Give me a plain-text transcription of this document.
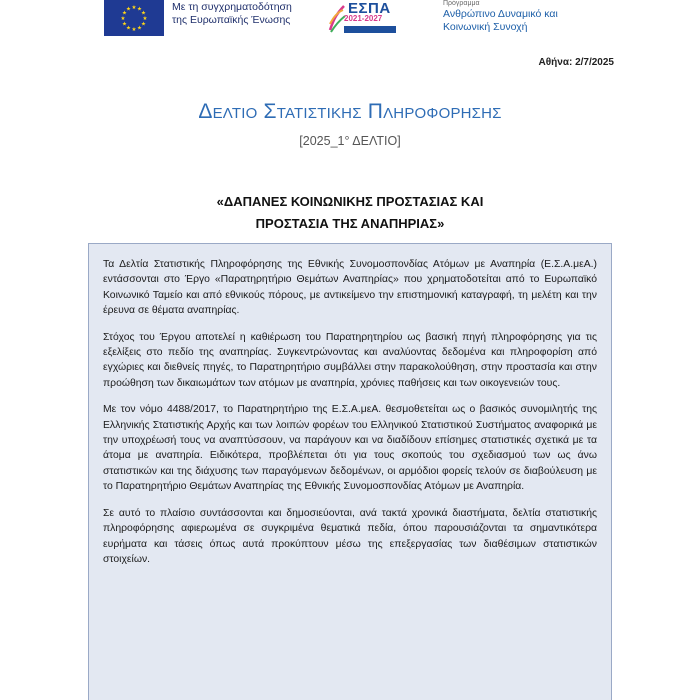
★ ★
★
★
★
★
★
★
★
★
★
★	Με τη συγχρηματοδότηση
της Ευρωπαϊκής Ένωσης
ΕΣΠΑ
2021-2027
Πρόγραμμα
Ανθρώπινο Δυναμικό και
Κοινωνική Συνοχή
Αθήνα: 2/7/2025
Δελτιο Στατιστικης Πληροφορησης
[2025_1° ΔΕΛΤΙΟ]
«ΔΑΠΑΝΕΣ ΚΟΙΝΩΝΙΚΗΣ ΠΡΟΣΤΑΣΙΑΣ ΚΑΙ
ΠΡΟΣΤΑΣΙΑ ΤΗΣ ΑΝΑΠΗΡΙΑΣ»

Τα Δελτία Στατιστικής Πληροφόρησης της Εθνικής Συνομοσπονδίας Ατόμων με Αναπηρία (Ε.Σ.Α.μεΑ.) εντάσσονται στο Έργο «Παρατηρητήριο Θεμάτων Αναπηρίας» που χρηματοδοτείται από το Ευρωπαϊκό Κοινωνικό Ταμείο και από εθνικούς πόρους, με αντικείμενο την επιστημονική καταγραφή, τη μελέτη και την έρευνα σε θέματα αναπηρίας.

Στόχος του Έργου αποτελεί η καθιέρωση του Παρατηρητηρίου ως βασική πηγή πληροφόρησης για τις εξελίξεις στο πεδίο της αναπηρίας. Συγκεντρώνοντας και αναλύοντας δεδομένα και πληροφορίση από εγχώριες και διεθνείς πηγές, το Παρατηρητήριο συμβάλλει στην παρακολούθηση, στην προστασία και στην προώθηση των δικαιωμάτων των ατόμων με αναπηρία, χρόνιες παθήσεις και των οικογενειών τους.

Με τον νόμο 4488/2017, το Παρατηρητήριο της Ε.Σ.Α.μεΑ. θεσμοθετείται ως ο βασικός συνομιλητής της Ελληνικής Στατιστικής Αρχής και των λοιπών φορέων του Ελληνικού Στατιστικού Συστήματος αναφορικά με την υποχρέωσή τους να αναπτύσσουν, να παράγουν και να διαδίδουν επίσημες στατιστικές σχετικά με τα άτομα με αναπηρία. Ειδικότερα, προβλέπεται ότι για τους σκοπούς του σχεδιασμού των ως άνω στατιστικών και της διάχυσης των παραγόμενων δεδομένων, οι αρμόδιοι φορείς τελούν σε διαβούλευση με το Παρατηρητήριο Θεμάτων Αναπηρίας της Εθνικής Συνομοσπονδίας Ατόμων με Αναπηρία.

Σε αυτό το πλαίσιο συντάσσονται και δημοσιεύονται, ανά τακτά χρονικά διαστήματα, δελτία στατιστικής πληροφόρησης αφιερωμένα σε συγκριμένα θεματικά πεδία, όπου παρουσιάζονται τα σημαντικότερα ευρήματα και τάσεις όπως αυτά προκύπτουν μέσω της επεξεργασίας των διαθέσιμων στατιστικών στοιχείων.
